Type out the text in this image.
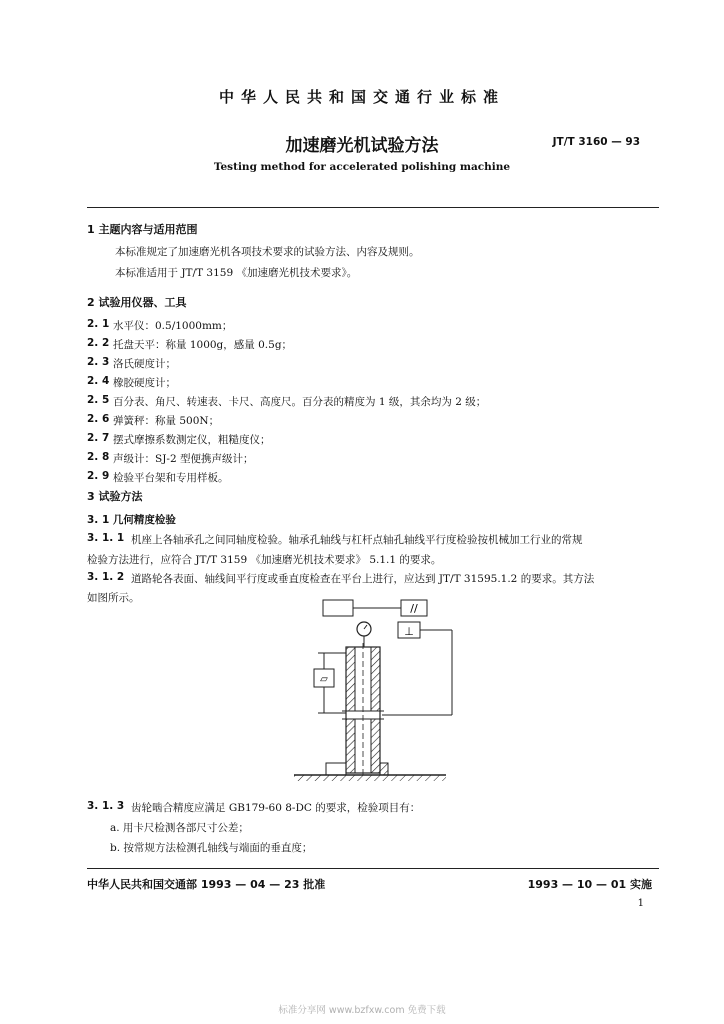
中华人民共和国交通行业标准
加速磨光机试验方法	JT/T 3160 — 93
Testing method for accelerated polishing machine
1 主题内容与适用范围
本标准规定了加速磨光机各项技术要求的试验方法、内容及规则。
本标准适用于 JT/T 3159 《加速磨光机技术要求》。
2 试验用仪器、工具
2. 1 水平仪：0.5/1000mm；
2. 2 托盘天平：称量 1000g，感量 0.5g；
2. 3 洛氏硬度计；
2. 4 橡胶硬度计；
2. 5 百分表、角尺、转速表、卡尺、高度尺。百分表的精度为 1 级，其余均为 2 级；
2. 6 弹簧秤：称量 500N；
2. 7 摆式摩擦系数测定仪，粗糙度仪；
2. 8 声级计：SJ-2 型便携声级计；
2. 9 检验平台架和专用样板。
3 试验方法
3. 1 几何精度检验
3. 1. 1 机座上各轴承孔之间同轴度检验。轴承孔轴线与杠杆点轴孔轴线平行度检验按机械加工行业的常规
检验方法进行，应符合 JT/T 3159 《加速磨光机技术要求》 5.1.1 的要求。
3. 1. 2 道路轮各表面、轴线间平行度或垂直度检查在平台上进行，应达到 JT/T 31595.1.2 的要求。其方法
如图所示。
//
⊥
▱
3. 1. 3 齿轮啮合精度应满足 GB179-60 8-DC 的要求，检验项目有：
a. 用卡尺检测各部尺寸公差；
b. 按常规方法检测孔轴线与端面的垂直度；
中华人民共和国交通部 1993 — 04 — 23 批准	1993 — 10 — 01 实施
1
标准分享网 www.bzfxw.com 免费下载
